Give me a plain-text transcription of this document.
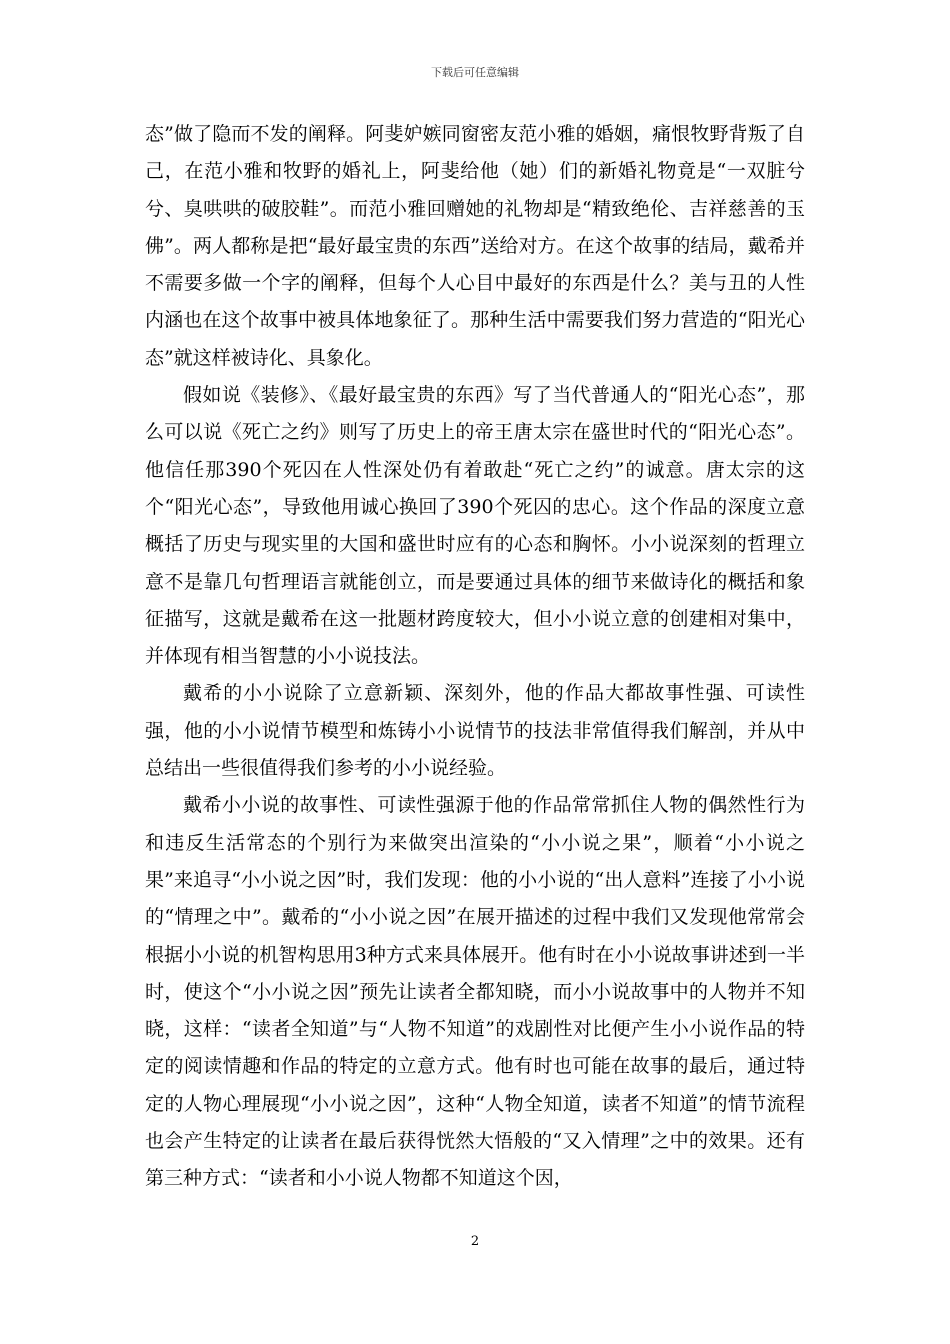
下载后可任意编辑

态”做了隐而不发的阐释。阿斐妒嫉同窗密友范小雅的婚姻，痛恨牧野背叛了自己，在范小雅和牧野的婚礼上，阿斐给他（她）们的新婚礼物竟是“一双脏兮兮、臭哄哄的破胶鞋”。而范小雅回赠她的礼物却是“精致绝伦、吉祥慈善的玉佛”。两人都称是把“最好最宝贵的东西”送给对方。在这个故事的结局，戴希并不需要多做一个字的阐释，但每个人心目中最好的东西是什么？美与丑的人性内涵也在这个故事中被具体地象征了。那种生活中需要我们努力营造的“阳光心态”就这样被诗化、具象化。

假如说《装修》、《最好最宝贵的东西》写了当代普通人的“阳光心态”，那么可以说《死亡之约》则写了历史上的帝王唐太宗在盛世时代的“阳光心态”。他信任那390个死囚在人性深处仍有着敢赴“死亡之约”的诚意。唐太宗的这个“阳光心态”，导致他用诚心换回了390个死囚的忠心。这个作品的深度立意概括了历史与现实里的大国和盛世时应有的心态和胸怀。小小说深刻的哲理立意不是靠几句哲理语言就能创立，而是要通过具体的细节来做诗化的概括和象征描写，这就是戴希在这一批题材跨度较大，但小小说立意的创建相对集中，并体现有相当智慧的小小说技法。

戴希的小小说除了立意新颖、深刻外，他的作品大都故事性强、可读性强，他的小小说情节模型和炼铸小小说情节的技法非常值得我们解剖，并从中总结出一些很值得我们参考的小小说经验。

戴希小小说的故事性、可读性强源于他的作品常常抓住人物的偶然性行为和违反生活常态的个别行为来做突出渲染的“小小说之果”，顺着“小小说之果”来追寻“小小说之因”时，我们发现：他的小小说的“出人意料”连接了小小说的“情理之中”。戴希的“小小说之因”在展开描述的过程中我们又发现他常常会根据小小说的机智构思用3种方式来具体展开。他有时在小小说故事讲述到一半时，使这个“小小说之因”预先让读者全都知晓，而小小说故事中的人物并不知晓，这样：“读者全知道”与“人物不知道”的戏剧性对比便产生小小说作品的特定的阅读情趣和作品的特定的立意方式。他有时也可能在故事的最后，通过特定的人物心理展现“小小说之因”，这种“人物全知道，读者不知道”的情节流程也会产生特定的让读者在最后获得恍然大悟般的“又入情理”之中的效果。还有第三种方式：“读者和小小说人物都不知道这个因，

2
